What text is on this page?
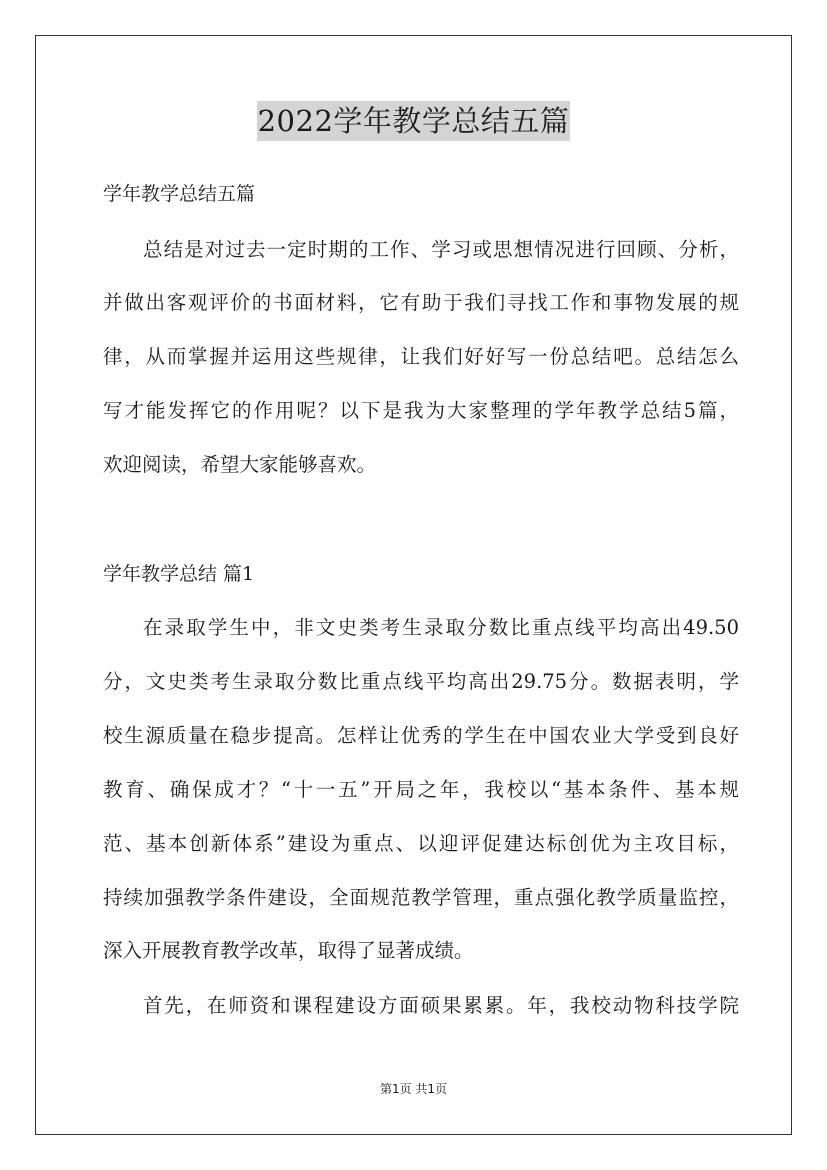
2022学年教学总结五篇
学年教学总结五篇
总结是对过去一定时期的工作、学习或思想情况进行回顾、分析，
并做出客观评价的书面材料，它有助于我们寻找工作和事物发展的规
律，从而掌握并运用这些规律，让我们好好写一份总结吧。总结怎么
写才能发挥它的作用呢？以下是我为大家整理的学年教学总结5篇，
欢迎阅读，希望大家能够喜欢。
学年教学总结 篇1
在录取学生中，非文史类考生录取分数比重点线平均高出49.50
分，文史类考生录取分数比重点线平均高出29.75分。数据表明，学
校生源质量在稳步提高。怎样让优秀的学生在中国农业大学受到良好
教育、确保成才？“十一五”开局之年，我校以“基本条件、基本规
范、基本创新体系”建设为重点、以迎评促建达标创优为主攻目标，
持续加强教学条件建设，全面规范教学管理，重点强化教学质量监控，
深入开展教育教学改革，取得了显著成绩。
首先，在师资和课程建设方面硕果累累。年，我校动物科技学院
第1页 共1页
